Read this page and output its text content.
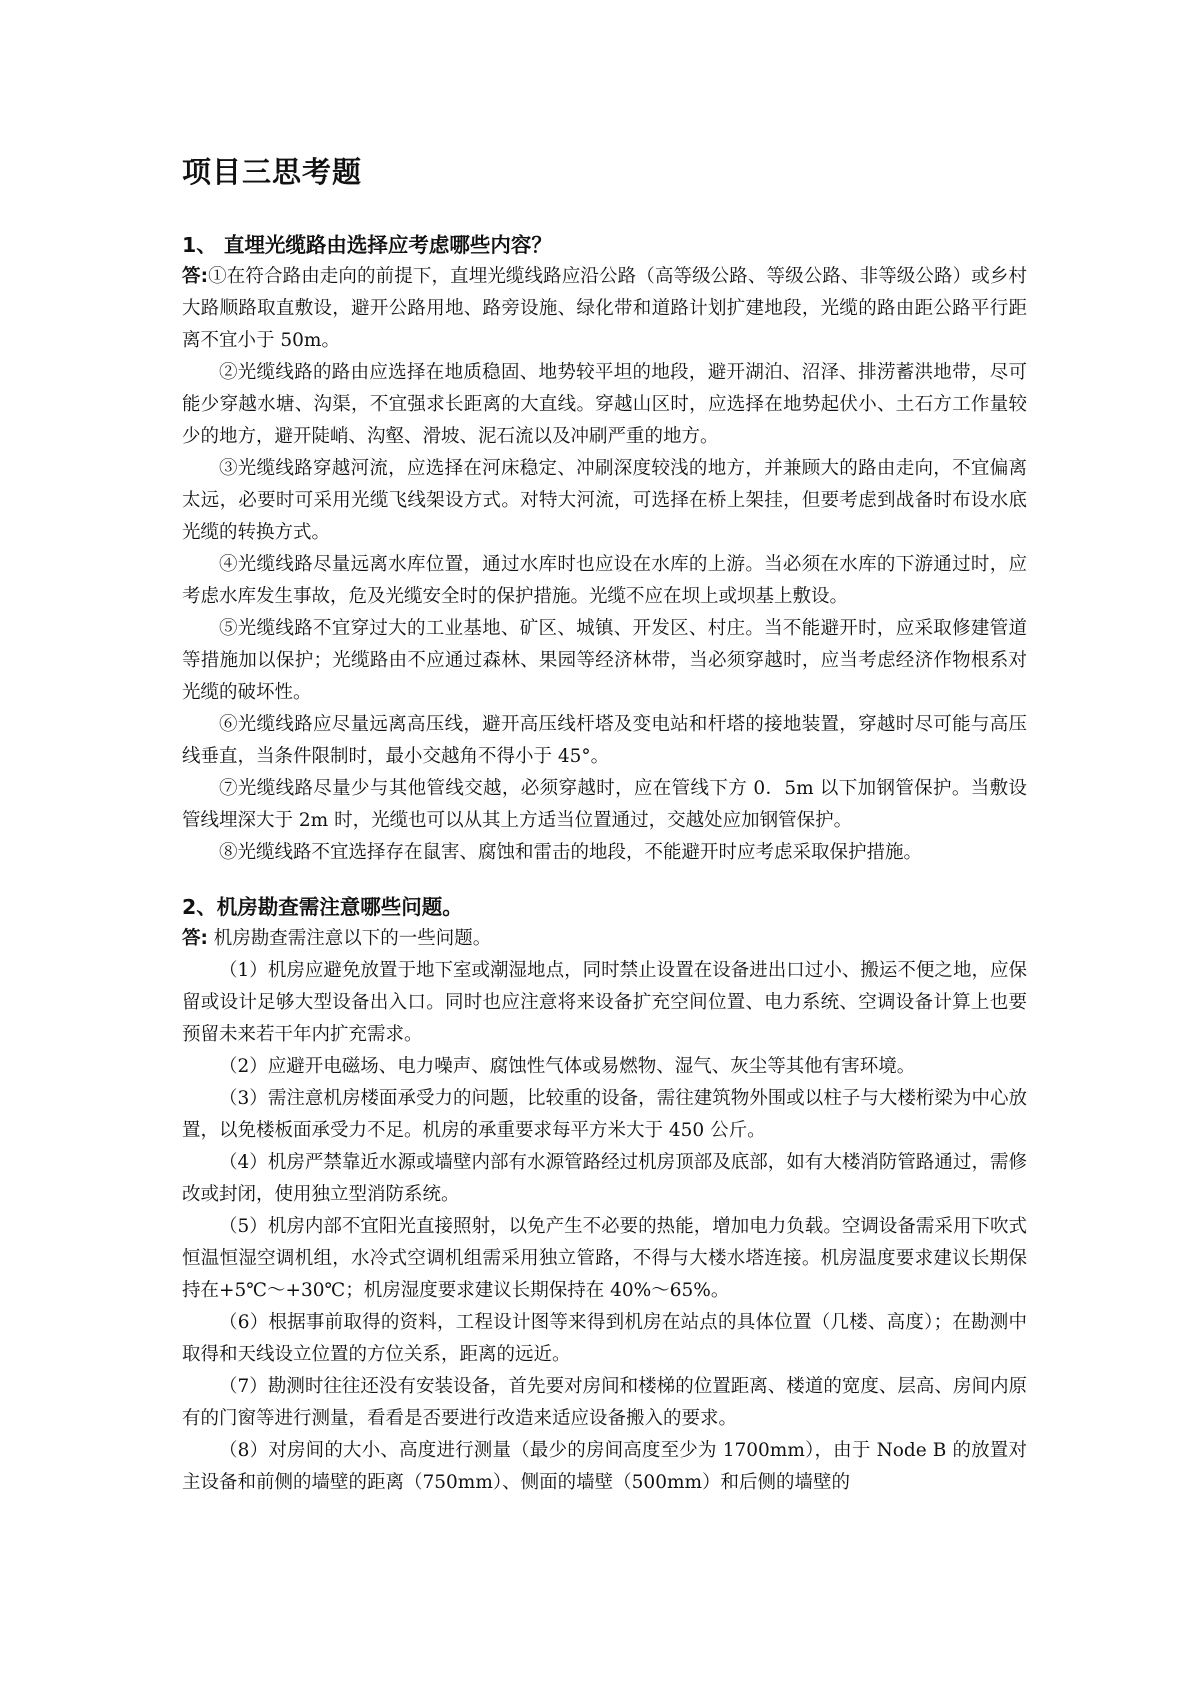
项目三思考题
1、 直埋光缆路由选择应考虑哪些内容？

答:①在符合路由走向的前提下，直埋光缆线路应沿公路（高等级公路、等级公路、非等级公路）或乡村大路顺路取直敷设，避开公路用地、路旁设施、绿化带和道路计划扩建地段，光缆的路由距公路平行距离不宜小于 50m。

②光缆线路的路由应选择在地质稳固、地势较平坦的地段，避开湖泊、沼泽、排涝蓄洪地带，尽可能少穿越水塘、沟渠，不宜强求长距离的大直线。穿越山区时，应选择在地势起伏小、土石方工作量较少的地方，避开陡峭、沟壑、滑坡、泥石流以及冲刷严重的地方。

③光缆线路穿越河流，应选择在河床稳定、冲刷深度较浅的地方，并兼顾大的路由走向，不宜偏离太远，必要时可采用光缆飞线架设方式。对特大河流，可选择在桥上架挂，但要考虑到战备时布设水底光缆的转换方式。

④光缆线路尽量远离水库位置，通过水库时也应设在水库的上游。当必须在水库的下游通过时，应考虑水库发生事故，危及光缆安全时的保护措施。光缆不应在坝上或坝基上敷设。

⑤光缆线路不宜穿过大的工业基地、矿区、城镇、开发区、村庄。当不能避开时，应采取修建管道等措施加以保护；光缆路由不应通过森林、果园等经济林带，当必须穿越时，应当考虑经济作物根系对光缆的破坏性。

⑥光缆线路应尽量远离高压线，避开高压线杆塔及变电站和杆塔的接地装置，穿越时尽可能与高压线垂直，当条件限制时，最小交越角不得小于 45°。

⑦光缆线路尽量少与其他管线交越，必须穿越时，应在管线下方 0．5m 以下加钢管保护。当敷设管线埋深大于 2m 时，光缆也可以从其上方适当位置通过，交越处应加钢管保护。

⑧光缆线路不宜选择存在鼠害、腐蚀和雷击的地段，不能避开时应考虑采取保护措施。

2、机房勘查需注意哪些问题。

答: 机房勘查需注意以下的一些问题。

（1）机房应避免放置于地下室或潮湿地点，同时禁止设置在设备进出口过小、搬运不便之地，应保留或设计足够大型设备出入口。同时也应注意将来设备扩充空间位置、电力系统、空调设备计算上也要预留未来若干年内扩充需求。

（2）应避开电磁场、电力噪声、腐蚀性气体或易燃物、湿气、灰尘等其他有害环境。

（3）需注意机房楼面承受力的问题，比较重的设备，需往建筑物外围或以柱子与大楼桁梁为中心放置，以免楼板面承受力不足。机房的承重要求每平方米大于 450 公斤。

（4）机房严禁靠近水源或墙壁内部有水源管路经过机房顶部及底部，如有大楼消防管路通过，需修改或封闭，使用独立型消防系统。

（5）机房内部不宜阳光直接照射，以免产生不必要的热能，增加电力负载。空调设备需采用下吹式恒温恒湿空调机组，水冷式空调机组需采用独立管路，不得与大楼水塔连接。机房温度要求建议长期保持在+5℃～+30℃；机房湿度要求建议长期保持在 40%～65%。

（6）根据事前取得的资料，工程设计图等来得到机房在站点的具体位置（几楼、高度）；在勘测中取得和天线设立位置的方位关系，距离的远近。

（7）勘测时往往还没有安装设备，首先要对房间和楼梯的位置距离、楼道的宽度、层高、房间内原有的门窗等进行测量，看看是否要进行改造来适应设备搬入的要求。

（8）对房间的大小、高度进行测量（最少的房间高度至少为 1700mm），由于 Node B 的放置对主设备和前侧的墙壁的距离（750mm）、侧面的墙壁（500mm）和后侧的墙壁的
